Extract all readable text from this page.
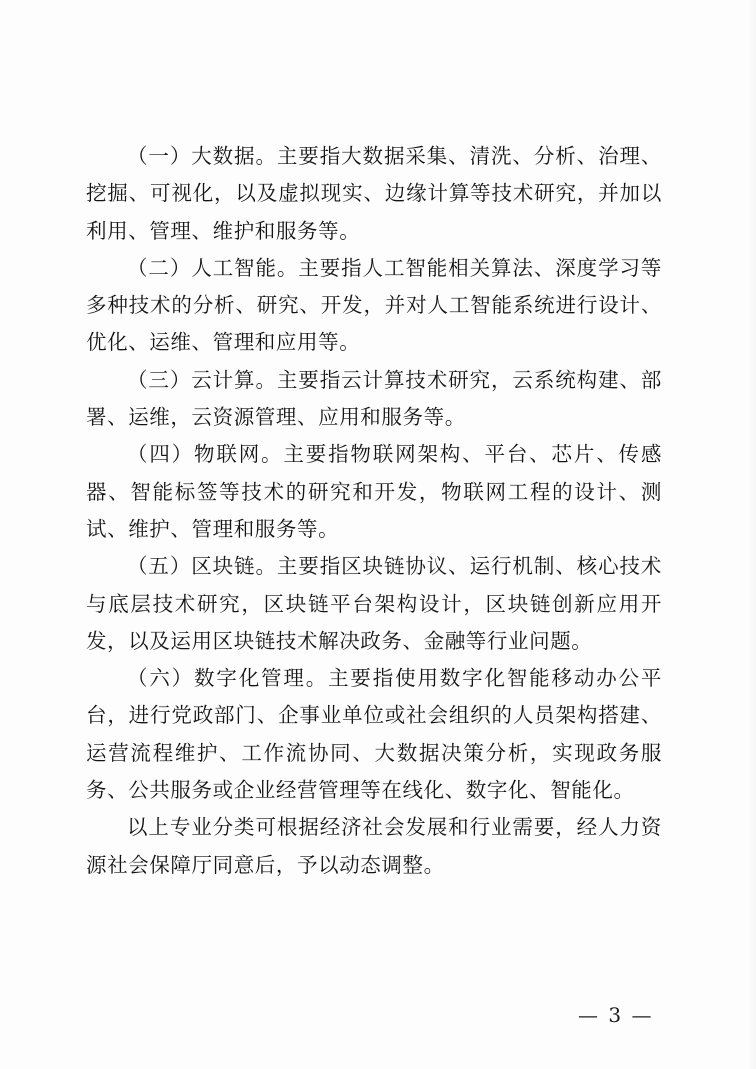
（一）大数据。主要指大数据采集、清洗、分析、治理、挖掘、可视化，以及虚拟现实、边缘计算等技术研究，并加以利用、管理、维护和服务等。

（二）人工智能。主要指人工智能相关算法、深度学习等多种技术的分析、研究、开发，并对人工智能系统进行设计、优化、运维、管理和应用等。

（三）云计算。主要指云计算技术研究，云系统构建、部署、运维，云资源管理、应用和服务等。

（四）物联网。主要指物联网架构、平台、芯片、传感器、智能标签等技术的研究和开发，物联网工程的设计、测试、维护、管理和服务等。

（五）区块链。主要指区块链协议、运行机制、核心技术与底层技术研究，区块链平台架构设计，区块链创新应用开发，以及运用区块链技术解决政务、金融等行业问题。

（六）数字化管理。主要指使用数字化智能移动办公平台，进行党政部门、企事业单位或社会组织的人员架构搭建、运营流程维护、工作流协同、大数据决策分析，实现政务服务、公共服务或企业经营管理等在线化、数字化、智能化。

以上专业分类可根据经济社会发展和行业需要，经人力资源社会保障厅同意后，予以动态调整。

— 3 —
